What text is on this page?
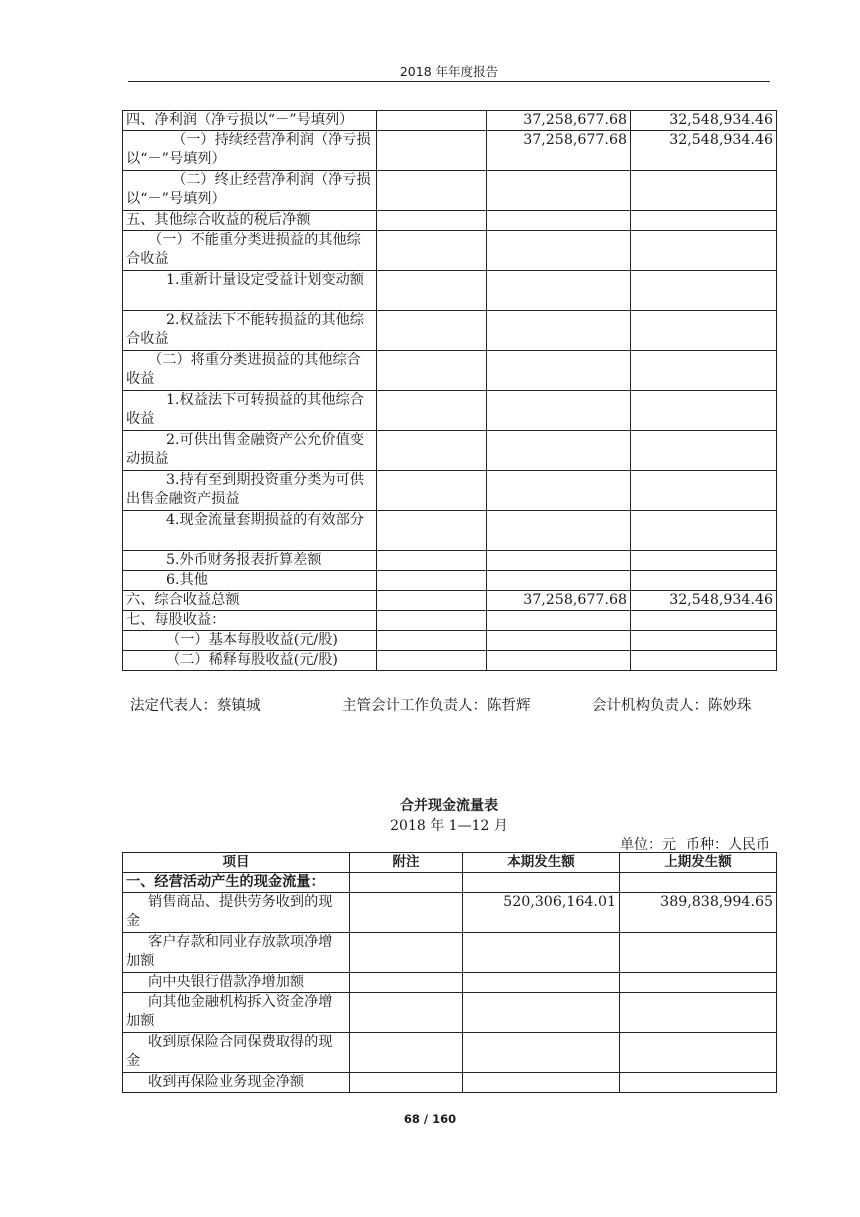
2018 年年度报告
四、净利润（净亏损以“－”号填列）		37,258,677.68	32,548,934.46
（一）持续经营净利润（净亏损以“－”号填列）		37,258,677.68	32,548,934.46
（二）终止经营净利润（净亏损以“－”号填列）			
五、其他综合收益的税后净额			
（一）不能重分类进损益的其他综合收益			
1.重新计量设定受益计划变动额			
2.权益法下不能转损益的其他综合收益			
（二）将重分类进损益的其他综合收益			
1.权益法下可转损益的其他综合收益			
2.可供出售金融资产公允价值变动损益			
3.持有至到期投资重分类为可供出售金融资产损益			
4.现金流量套期损益的有效部分			
5.外币财务报表折算差额			
6.其他			
六、综合收益总额		37,258,677.68	32,548,934.46
七、每股收益：			
（一）基本每股收益(元/股)			
（二）稀释每股收益(元/股)			
法定代表人：蔡镇城	主管会计工作负责人：陈哲辉	会计机构负责人：陈妙珠
合并现金流量表
2018 年 1—12 月
单位：元 币种：人民币
项目	附注	本期发生额	上期发生额
一、经营活动产生的现金流量：			
销售商品、提供劳务收到的现金		520,306,164.01	389,838,994.65
客户存款和同业存放款项净增加额			
向中央银行借款净增加额			
向其他金融机构拆入资金净增加额			
收到原保险合同保费取得的现金			
收到再保险业务现金净额			
68 / 160
